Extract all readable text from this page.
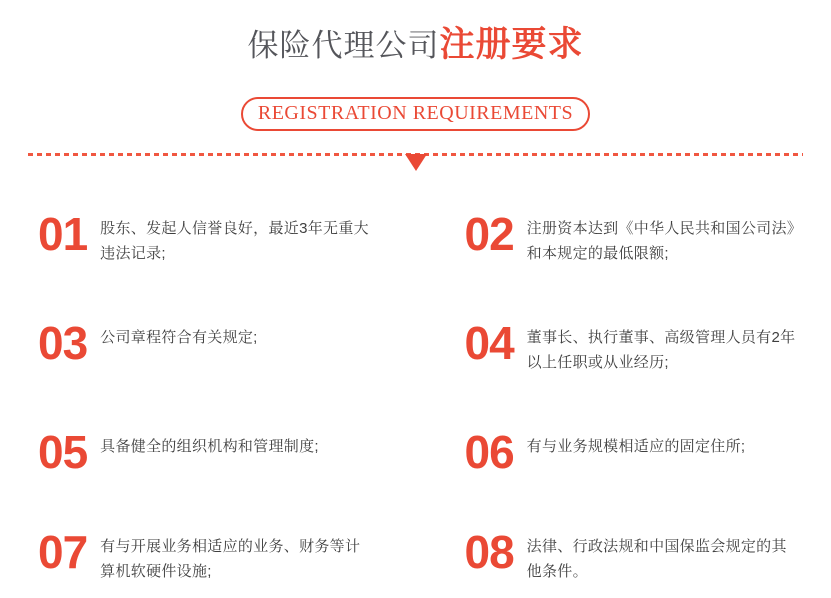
保险代理公司注册要求

REGISTRATION REQUIREMENTS
01 股东、发起人信誉良好，最近3年无重大违法记录;	02 注册资本达到《中华人民共和国公司法》和本规定的最低限额;
03 公司章程符合有关规定;	04 董事长、执行董事、高级管理人员有2年以上任职或从业经历;
05 具备健全的组织机构和管理制度;	06 有与业务规模相适应的固定住所;
07 有与开展业务相适应的业务、财务等计算机软硬件设施;	08 法律、行政法规和中国保监会规定的其他条件。
